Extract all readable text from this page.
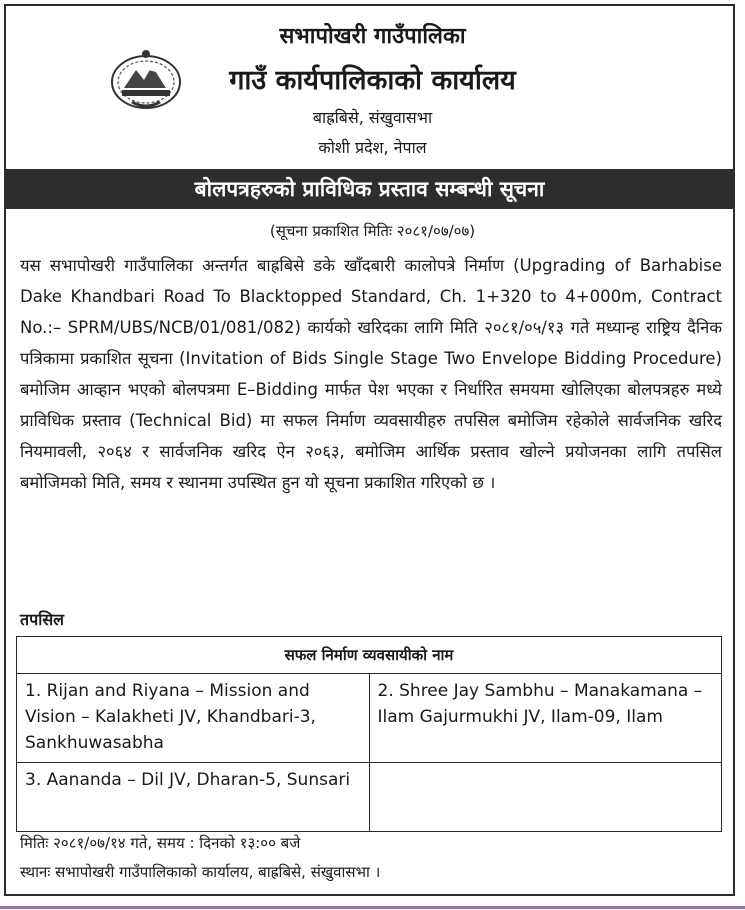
सभापोखरी गाउँपालिका
गाउँ कार्यपालिकाको कार्यालय
बाह्रबिसे, संखुवासभा
कोशी प्रदेश, नेपाल
बोलपत्रहरुको प्राविधिक प्रस्ताव सम्बन्धी सूचना
(सूचना प्रकाशित मितिः २०८१/०७/०७)
यस सभापोखरी गाउँपालिका अन्तर्गत बाह्रबिसे डके खाँदबारी कालोपत्रे निर्माण (Upgrading of Barhabise Dake Khandbari Road To Blacktopped Standard, Ch. 1+320 to 4+000m, Contract No.:– SPRM/UBS/NCB/01/081/082) कार्यको खरिदका लागि मिति २०८१/०५/१३ गते मध्यान्ह राष्ट्रिय दैनिक पत्रिकामा प्रकाशित सूचना (Invitation of Bids Single Stage Two Envelope Bidding Procedure) बमोजिम आव्हान भएको बोलपत्रमा E–Bidding मार्फत पेश भएका र निर्धारित समयमा खोलिएका बोलपत्रहरु मध्ये प्राविधिक प्रस्ताव (Technical Bid) मा सफल निर्माण व्यवसायीहरु तपसिल बमोजिम रहेकोले सार्वजनिक खरिद नियमावली, २०६४ र सार्वजनिक खरिद ऐन २०६३, बमोजिम आर्थिक प्रस्ताव खोल्ने प्रयोजनका लागि तपसिल बमोजिमको मिति, समय र स्थानमा उपस्थित हुन यो सूचना प्रकाशित गरिएको छ ।
तपसिल
सफल निर्माण व्यवसायीको नाम	
1. Rijan and Riyana – Mission and Vision – Kalakheti JV, Khandbari-3, Sankhuwasabha	2. Shree Jay Sambhu – Manakamana – Ilam Gajurmukhi JV, Ilam-09, Ilam
3. Aananda – Dil JV, Dharan-5, Sunsari	
मितिः २०८१/०७/१४ गते, समय : दिनको १३:०० बजे
स्थानः सभापोखरी गाउँपालिकाको कार्यालय, बाह्रबिसे, संखुवासभा ।
